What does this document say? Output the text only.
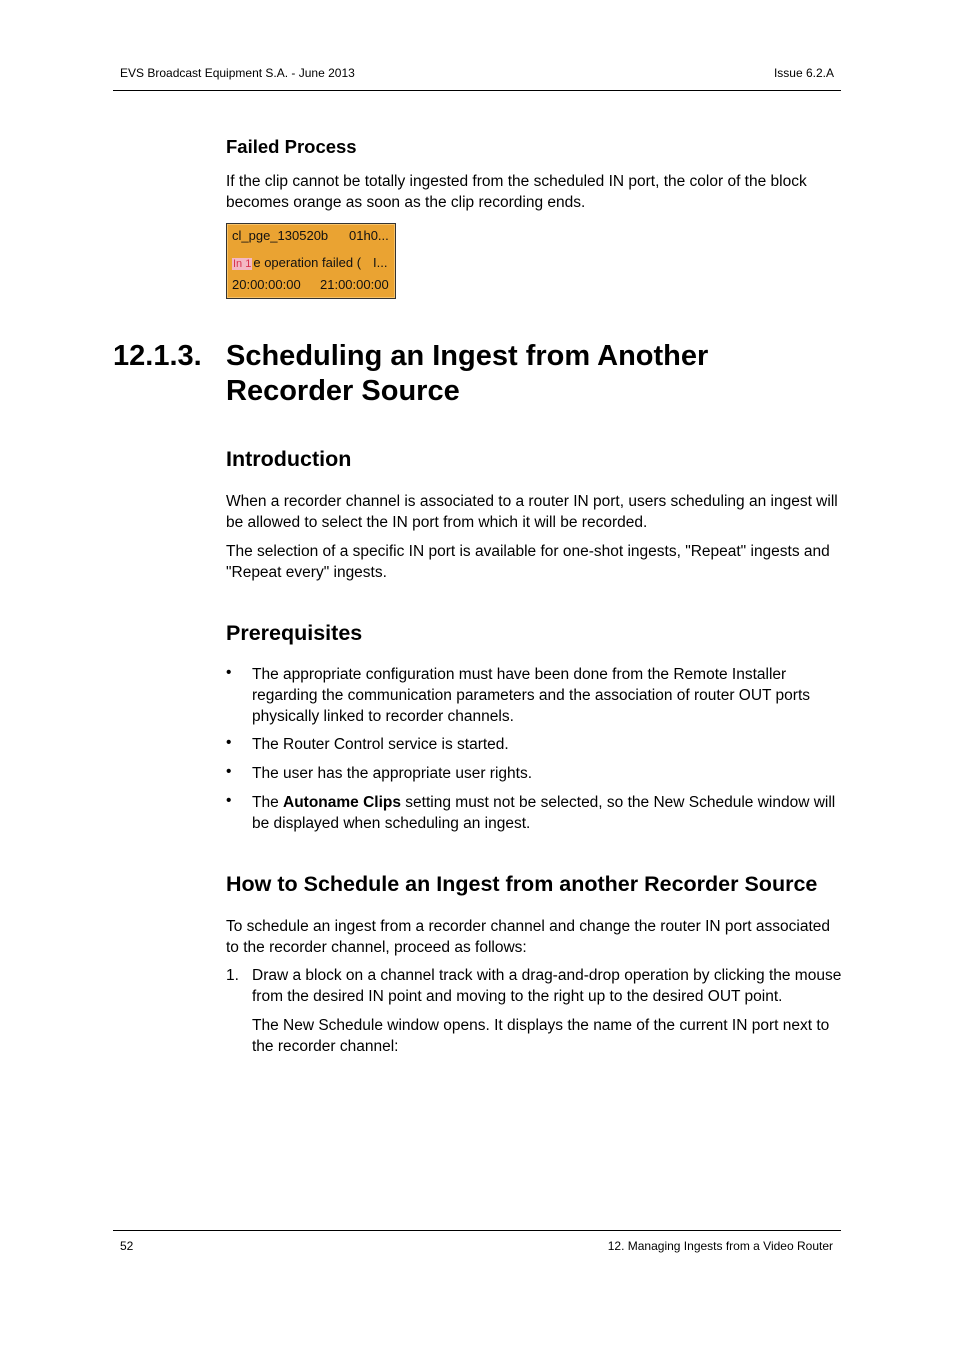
EVS Broadcast Equipment S.A. - June 2013	Issue 6.2.A
Failed Process
If the clip cannot be totally ingested from the scheduled IN port, the color of the block becomes orange as soon as the clip recording ends.
cl_pge_130520b 01h0...
In 1 e operation failed ( I...
20:00:00:00 21:00:00:00
12.1.3. Scheduling an Ingest from Another
Recorder Source
Introduction
When a recorder channel is associated to a router IN port, users scheduling an ingest will be allowed to select the IN port from which it will be recorded.
The selection of a specific IN port is available for one-shot ingests, "Repeat" ingests and "Repeat every" ingests.
Prerequisites
• The appropriate configuration must have been done from the Remote Installer regarding the communication parameters and the association of router OUT ports physically linked to recorder channels.
• The Router Control service is started.
• The user has the appropriate user rights.
• The Autoname Clips setting must not be selected, so the New Schedule window will be displayed when scheduling an ingest.
How to Schedule an Ingest from another Recorder Source
To schedule an ingest from a recorder channel and change the router IN port associated to the recorder channel, proceed as follows:
1. Draw a block on a channel track with a drag-and-drop operation by clicking the mouse from the desired IN point and moving to the right up to the desired OUT point.
The New Schedule window opens. It displays the name of the current IN port next to the recorder channel:
52	12. Managing Ingests from a Video Router
